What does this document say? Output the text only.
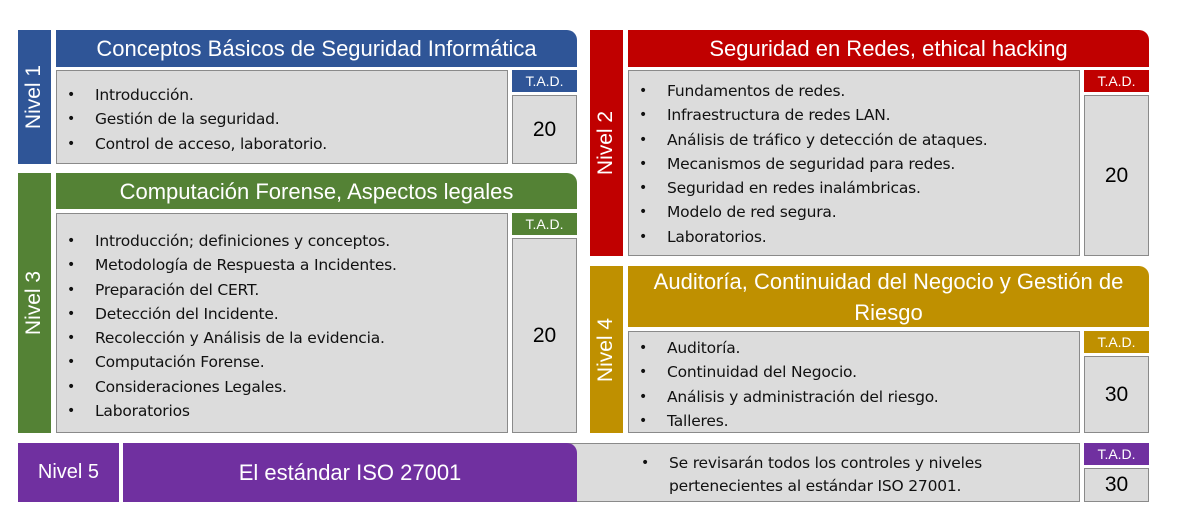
Nivel 1
Conceptos Básicos de Seguridad Informática
• Introducción.
• Gestión de la seguridad.
• Control de acceso, laboratorio.
T.A.D.
20
Nivel 3
Computación Forense, Aspectos legales
• Introducción; definiciones y conceptos.
• Metodología de Respuesta a Incidentes.
• Preparación del CERT.
• Detección del Incidente.
• Recolección y Análisis de la evidencia.
• Computación Forense.
• Consideraciones Legales.
• Laboratorios
T.A.D.
20
Nivel 2
Seguridad en Redes, ethical hacking
• Fundamentos de redes.
• Infraestructura de redes LAN.
• Análisis de tráfico y detección de ataques.
• Mecanismos de seguridad para redes.
• Seguridad en redes inalámbricas.
• Modelo de red segura.
• Laboratorios.
T.A.D.
20
Nivel 4
Auditoría, Continuidad del Negocio y Gestión de Riesgo
• Auditoría.
• Continuidad del Negocio.
• Análisis y administración del riesgo.
• Talleres.
T.A.D.
30
Nivel 5
•	Se revisarán todos los controles y niveles pertenecientes al estándar ISO 27001.
El estándar ISO 27001
T.A.D.
30
